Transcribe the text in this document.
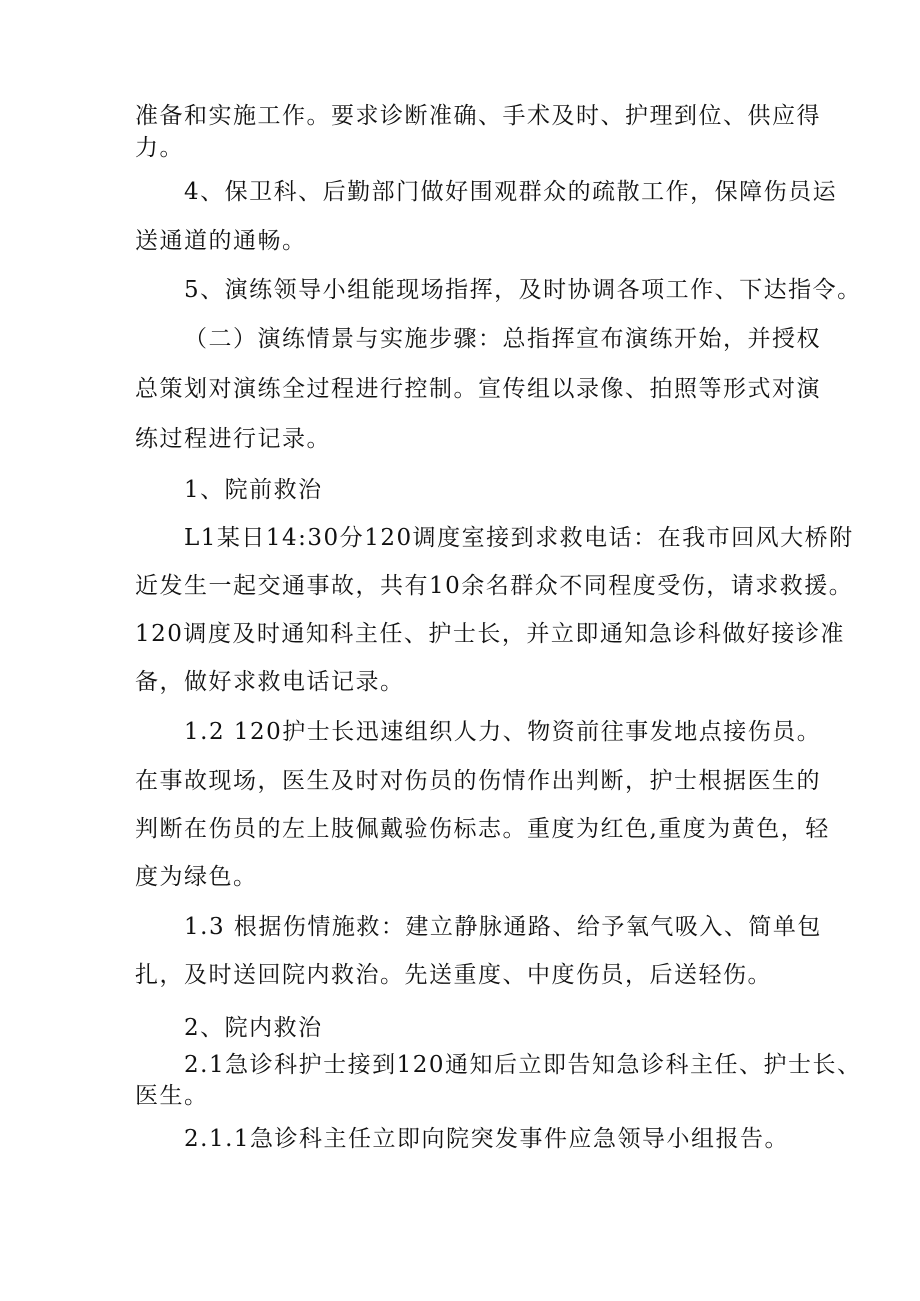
准备和实施工作。要求诊断准确、手术及时、护理到位、供应得
力。
4、保卫科、后勤部门做好围观群众的疏散工作，保障伤员运
送通道的通畅。
5、演练领导小组能现场指挥，及时协调各项工作、下达指令。
（二）演练情景与实施步骤：总指挥宣布演练开始，并授权
总策划对演练全过程进行控制。宣传组以录像、拍照等形式对演
练过程进行记录。
1、院前救治
L1某日14:30分120调度室接到求救电话：在我市回风大桥附
近发生一起交通事故，共有10余名群众不同程度受伤，请求救援。
120调度及时通知科主任、护士长，并立即通知急诊科做好接诊准
备，做好求救电话记录。
1.2 120护士长迅速组织人力、物资前往事发地点接伤员。
在事故现场，医生及时对伤员的伤情作出判断，护士根据医生的
判断在伤员的左上肢佩戴验伤标志。重度为红色,重度为黄色，轻
度为绿色。
1.3 根据伤情施救：建立静脉通路、给予氧气吸入、简单包
扎，及时送回院内救治。先送重度、中度伤员，后送轻伤。
2、院内救治
2.1急诊科护士接到120通知后立即告知急诊科主任、护士长、
医生。
2.1.1急诊科主任立即向院突发事件应急领导小组报告。
